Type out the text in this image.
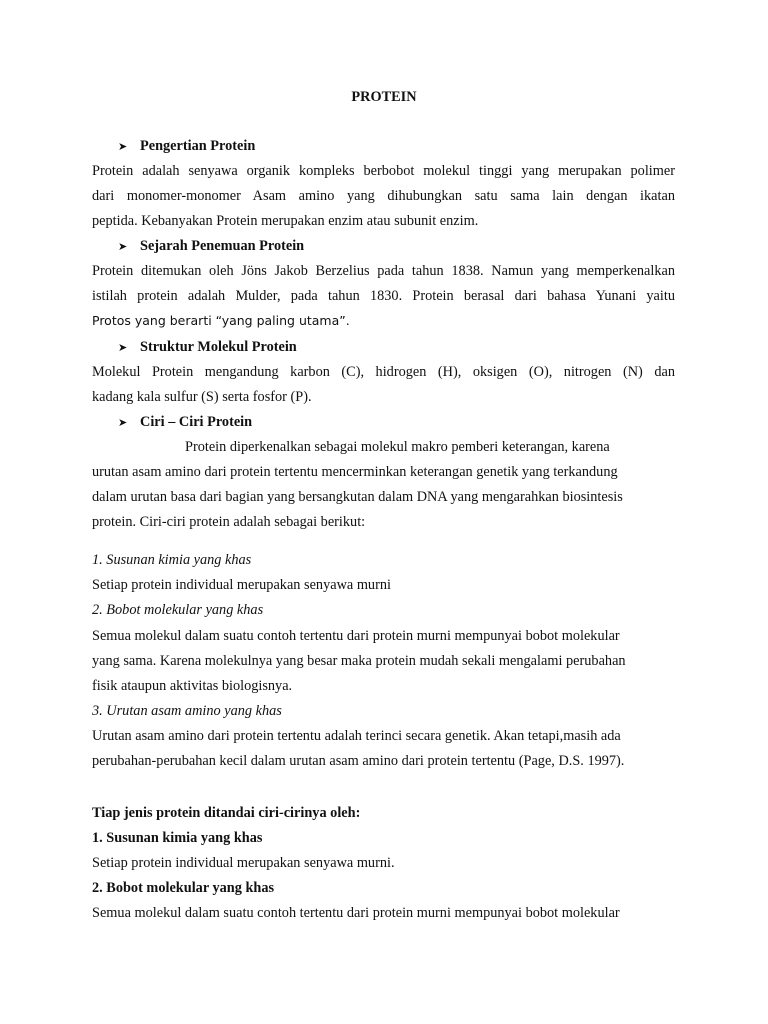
PROTEIN
➤ Pengertian Protein
Protein adalah senyawa organik kompleks berbobot molekul tinggi yang merupakan polimer
dari monomer-monomer Asam amino yang dihubungkan satu sama lain dengan ikatan
peptida. Kebanyakan Protein merupakan enzim atau subunit enzim.
➤ Sejarah Penemuan Protein
Protein ditemukan oleh Jöns Jakob Berzelius pada tahun 1838. Namun yang memperkenalkan
istilah protein adalah Mulder, pada tahun 1830. Protein berasal dari bahasa Yunani yaitu
Protos yang berarti “yang paling utama”.
➤ Struktur Molekul Protein
Molekul Protein mengandung karbon (C), hidrogen (H), oksigen (O), nitrogen (N) dan
kadang kala sulfur (S) serta fosfor (P).
➤ Ciri – Ciri Protein
Protein diperkenalkan sebagai molekul makro pemberi keterangan, karena
urutan asam amino dari protein tertentu mencerminkan keterangan genetik yang terkandung
dalam urutan basa dari bagian yang bersangkutan dalam DNA yang mengarahkan biosintesis
protein. Ciri-ciri protein adalah sebagai berikut:
1. Susunan kimia yang khas
Setiap protein individual merupakan senyawa murni
2. Bobot molekular yang khas
Semua molekul dalam suatu contoh tertentu dari protein murni mempunyai bobot molekular
yang sama. Karena molekulnya yang besar maka protein mudah sekali mengalami perubahan
fisik ataupun aktivitas biologisnya.
3. Urutan asam amino yang khas
Urutan asam amino dari protein tertentu adalah terinci secara genetik. Akan tetapi,masih ada
perubahan-perubahan kecil dalam urutan asam amino dari protein tertentu (Page, D.S. 1997).
Tiap jenis protein ditandai ciri-cirinya oleh:
1. Susunan kimia yang khas
Setiap protein individual merupakan senyawa murni.
2. Bobot molekular yang khas
Semua molekul dalam suatu contoh tertentu dari protein murni mempunyai bobot molekular
